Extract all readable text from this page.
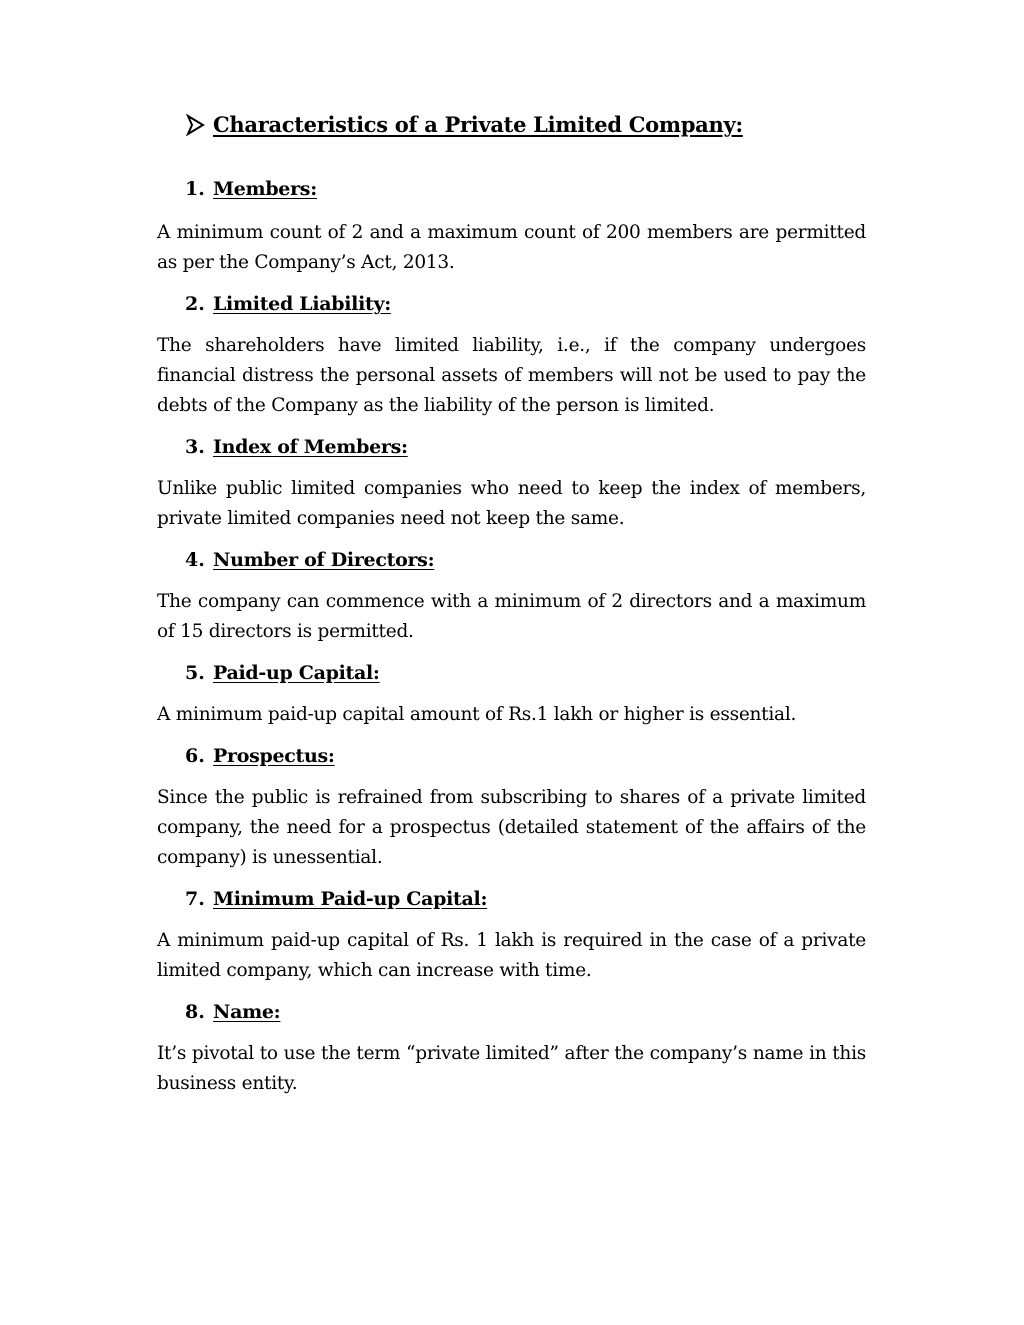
Characteristics of a Private Limited Company:
1. Members:

A minimum count of 2 and a maximum count of 200 members are permitted as per the Company’s Act, 2013.

2. Limited Liability:

The shareholders have limited liability, i.e., if the company undergoes financial distress the personal assets of members will not be used to pay the debts of the Company as the liability of the person is limited.

3. Index of Members:

Unlike public limited companies who need to keep the index of members, private limited companies need not keep the same.

4. Number of Directors:

The company can commence with a minimum of 2 directors and a maximum of 15 directors is permitted.

5. Paid-up Capital:

A minimum paid-up capital amount of Rs.1 lakh or higher is essential.

6. Prospectus:

Since the public is refrained from subscribing to shares of a private limited company, the need for a prospectus (detailed statement of the affairs of the company) is unessential.

7. Minimum Paid-up Capital:

A minimum paid-up capital of Rs. 1 lakh is required in the case of a private limited company, which can increase with time.

8. Name:

It’s pivotal to use the term “private limited” after the company’s name in this business entity.
